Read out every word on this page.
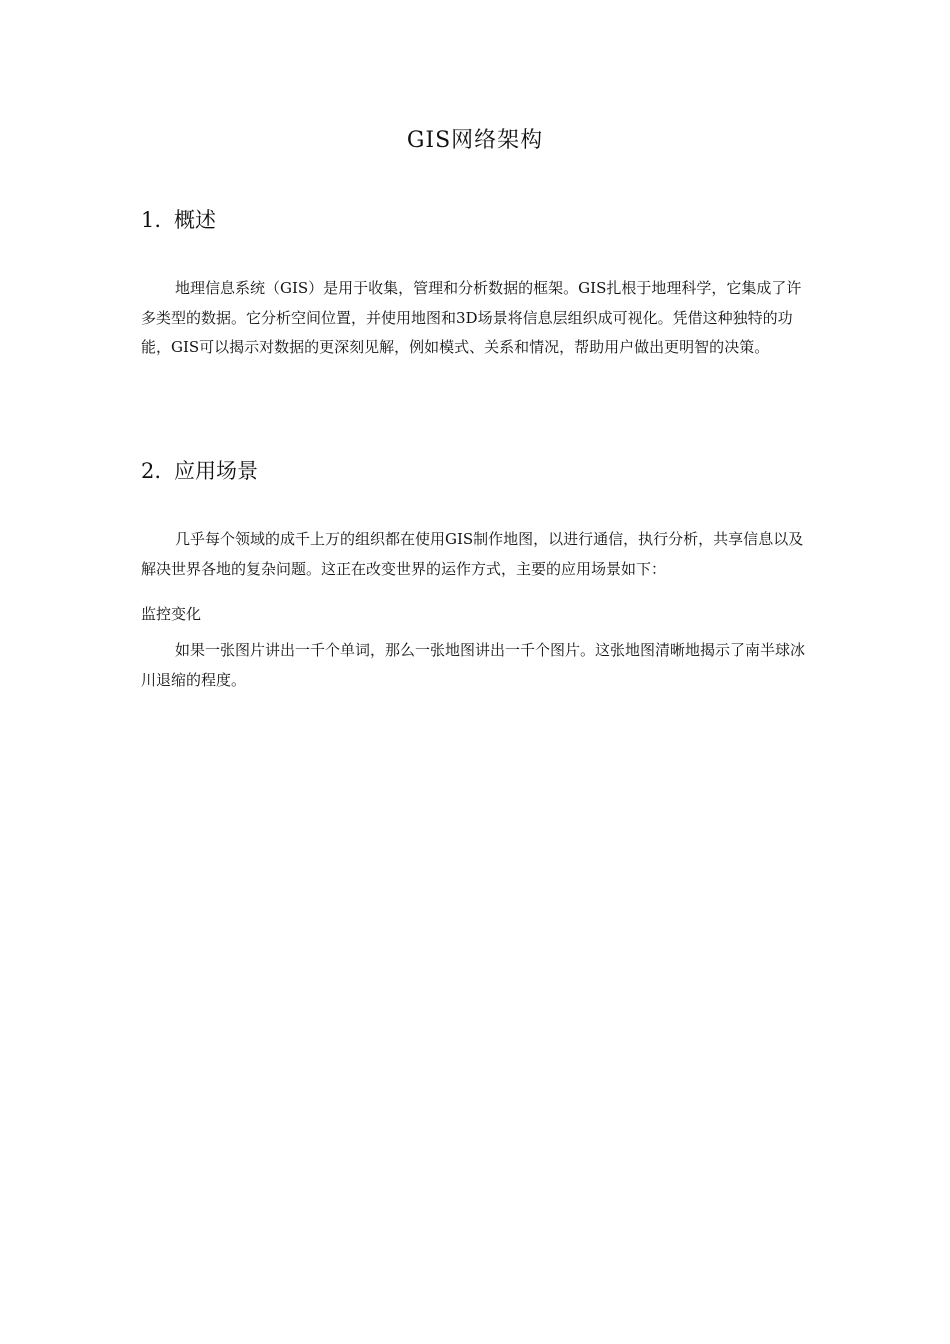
GIS网络架构
1. 概述

地理信息系统（GIS）是用于收集，管理和分析数据的框架。GIS扎根于地理科学，它集成了许多类型的数据。它分析空间位置，并使用地图和3D场景将信息层组织成可视化。凭借这种独特的功能，GIS可以揭示对数据的更深刻见解，例如模式、关系和情况，帮助用户做出更明智的决策。

2. 应用场景

几乎每个领域的成千上万的组织都在使用GIS制作地图，以进行通信，执行分析，共享信息以及解决世界各地的复杂问题。这正在改变世界的运作方式，主要的应用场景如下：

监控变化

如果一张图片讲出一千个单词，那么一张地图讲出一千个图片。这张地图清晰地揭示了南半球冰川退缩的程度。
